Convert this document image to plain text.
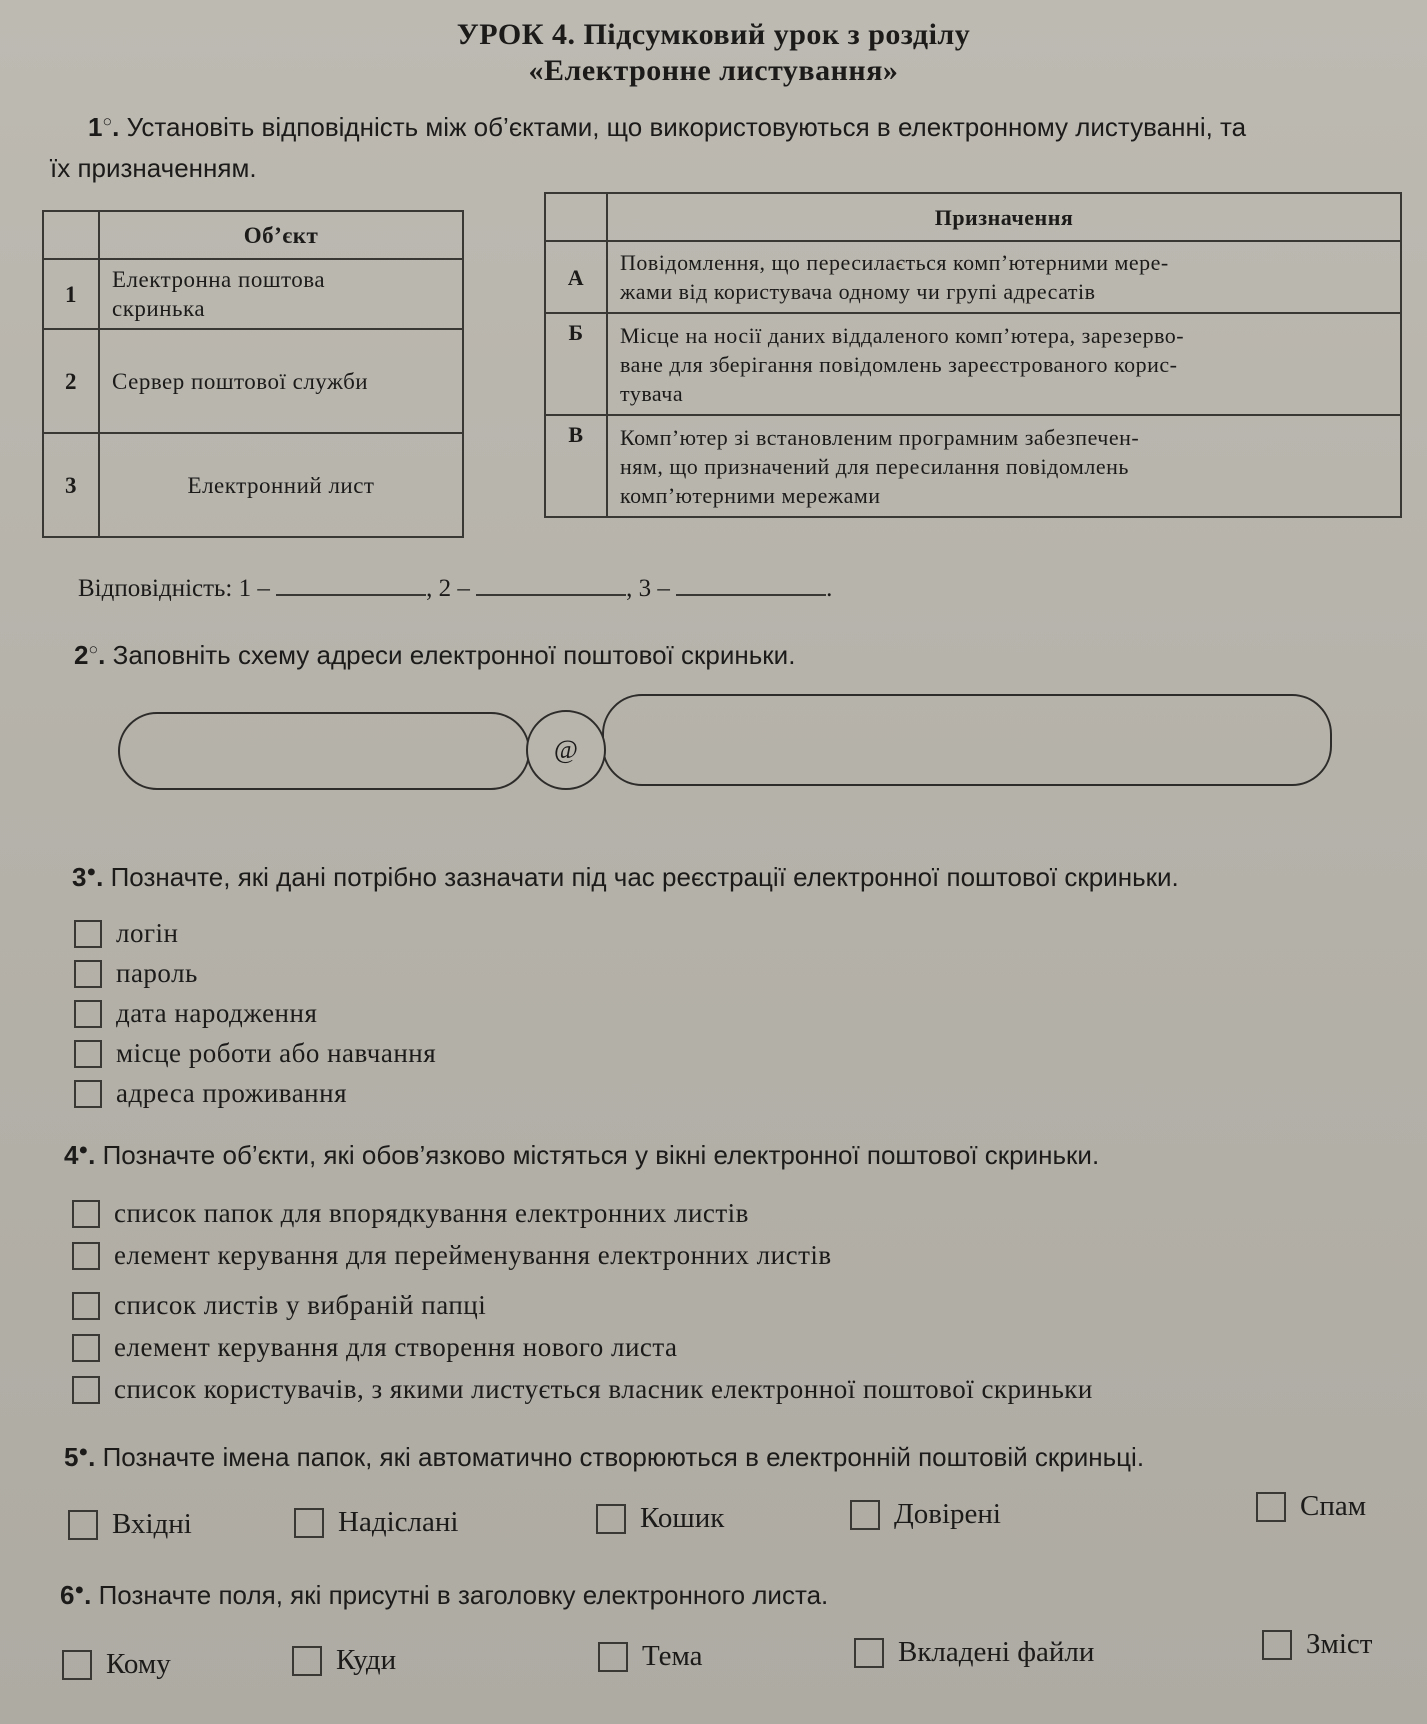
УРОК 4. Підсумковий урок з розділу
«Електронне листування»
1○. Установіть відповідність між об’єктами, що використовуються в електронному листуванні, та
їх призначенням.
	Об’єкт
1	Електронна поштова
скринька
2	Сервер поштової служби
3	Електронний лист
	Призначення
А	Повідомлення, що пересилається комп’ютерними мере-
жами від користувача одному чи групі адресатів
Б	Місце на носії даних віддаленого комп’ютера, зарезерво-
ване для зберігання повідомлень зареєстрованого корис-
тувача
В	Комп’ютер зі встановленим програмним забезпечен-
ням, що призначений для пересилання повідомлень
комп’ютерними мережами
Відповідність: 1 –	, 2 –	, 3 –	.
2○. Заповніть схему адреси електронної поштової скриньки.
@
3●. Позначте, які дані потрібно зазначати під час реєстрації електронної поштової скриньки.
логін
пароль
дата народження
місце роботи або навчання
адреса проживання
4●. Позначте об’єкти, які обов’язково містяться у вікні електронної поштової скриньки.
список папок для впорядкування електронних листів
елемент керування для перейменування електронних листів
список листів у вибраній папці
елемент керування для створення нового листа
список користувачів, з якими листується власник електронної поштової скриньки
5●. Позначте імена папок, які автоматично створюються в електронній поштовій скриньці.
Вхідні	Надіслані	Кошик	Довірені	Спам
6●. Позначте поля, які присутні в заголовку електронного листа.
Кому	Куди	Тема	Вкладені файли	Зміст
